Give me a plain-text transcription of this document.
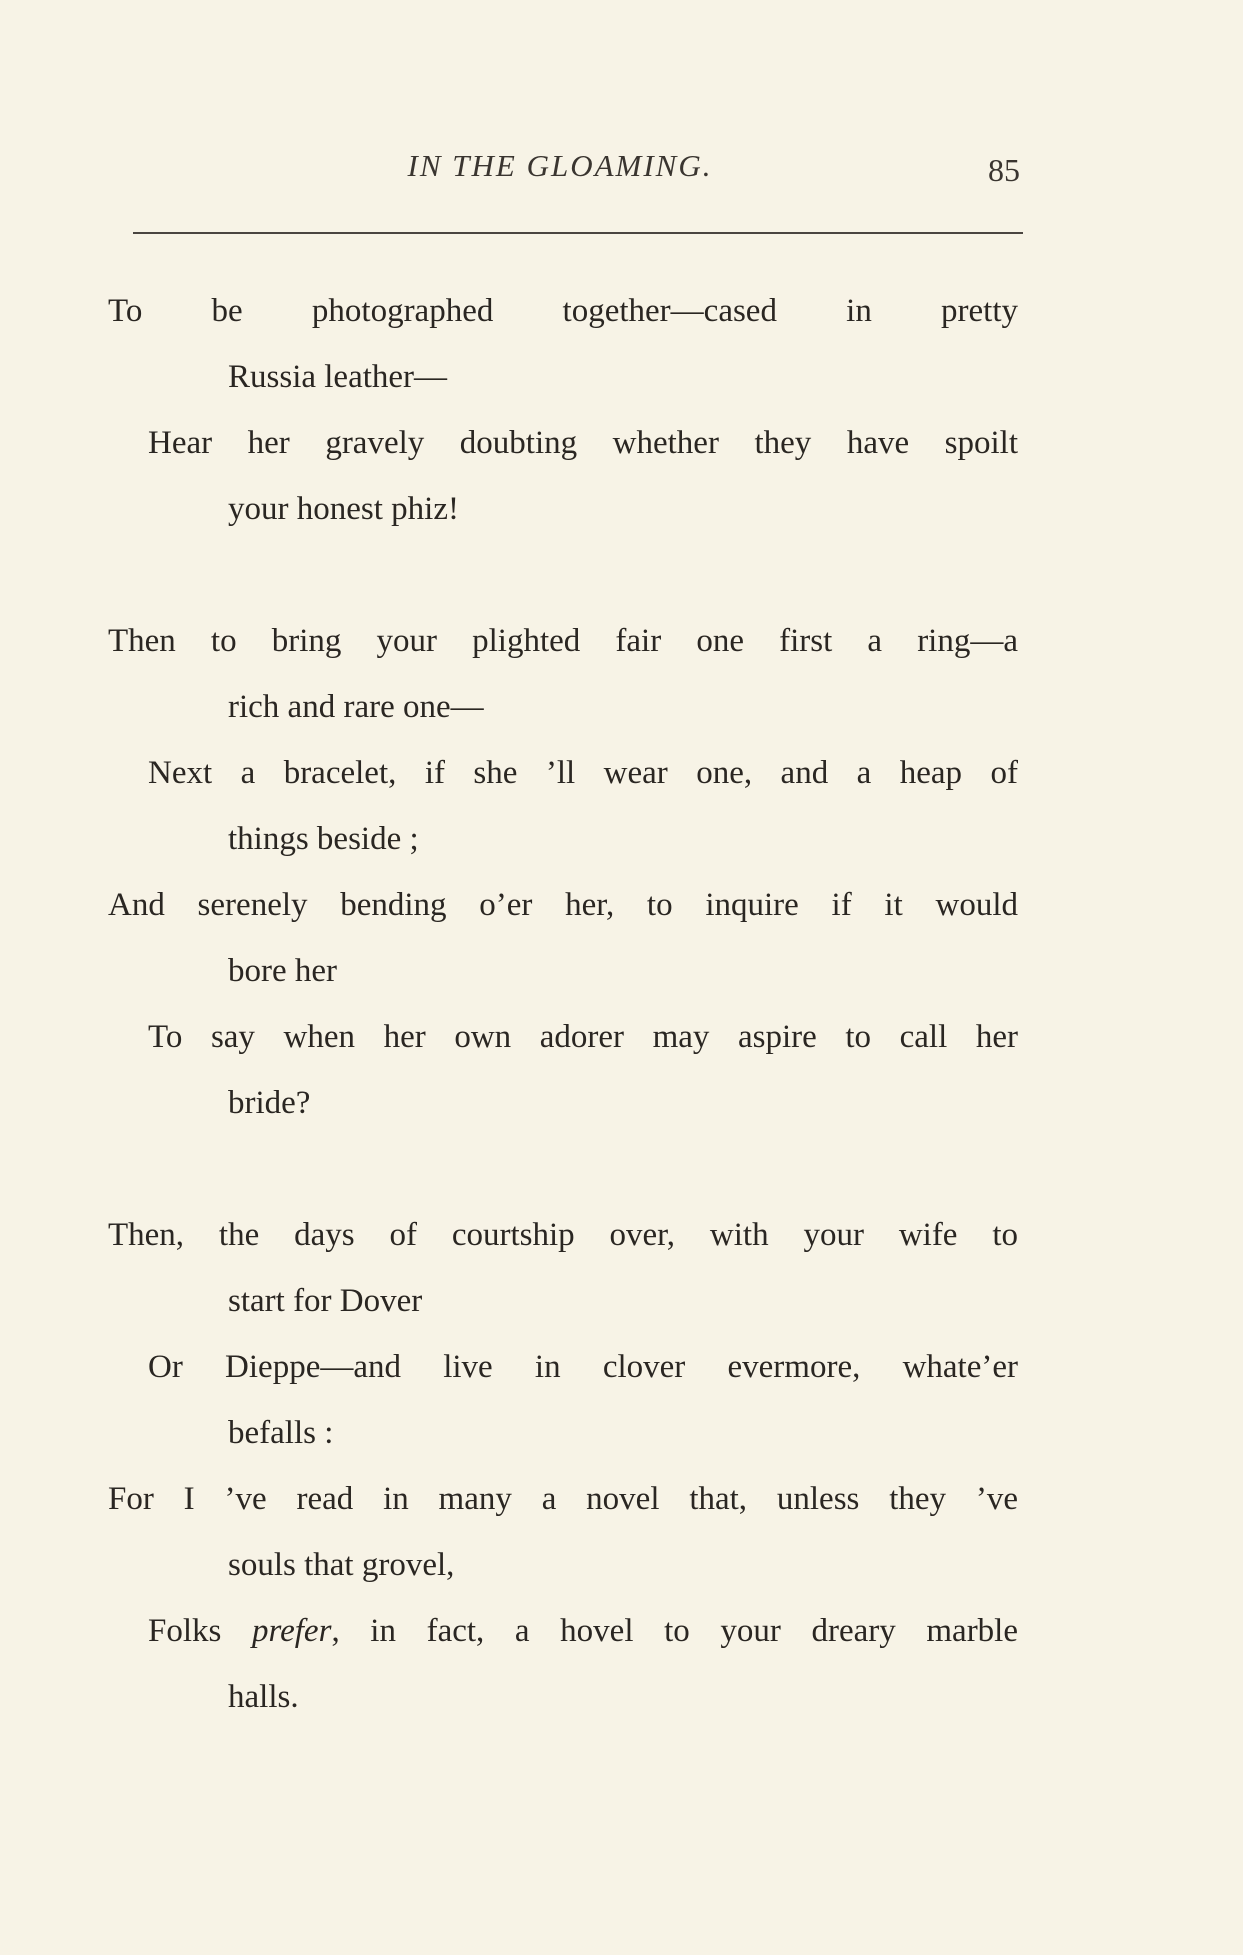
IN THE GLOAMING.	85
To be photographed together—cased in pretty
Russia leather—
Hear her gravely doubting whether they have spoilt
your honest phiz!
Then to bring your plighted fair one first a ring—a
rich and rare one—
Next a bracelet, if she ’ll wear one, and a heap of
things beside ;
And serenely bending o’er her, to inquire if it would
bore her
To say when her own adorer may aspire to call her
bride?
Then, the days of courtship over, with your wife to
start for Dover
Or Dieppe—and live in clover evermore, whate’er
befalls :
For I ’ve read in many a novel that, unless they ’ve
souls that grovel,
Folks prefer, in fact, a hovel to your dreary marble
halls.
